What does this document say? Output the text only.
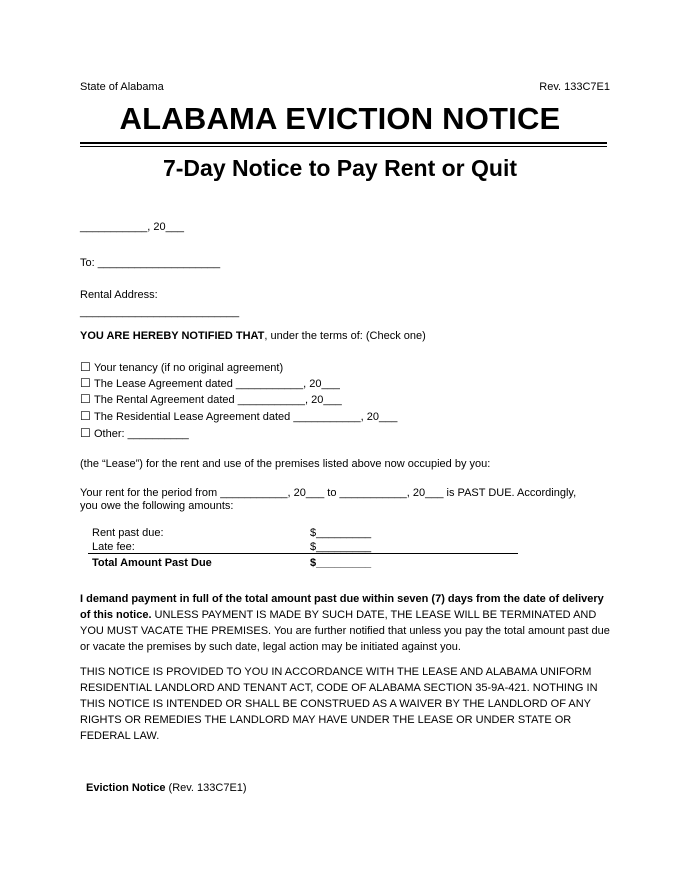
State of Alabama	Rev. 133C7E1
ALABAMA EVICTION NOTICE
7-Day Notice to Pay Rent or Quit
___________, 20___
To: ____________________
Rental Address:
__________________________
YOU ARE HEREBY NOTIFIED THAT, under the terms of: (Check one)
☐ Your tenancy (if no original agreement)
☐ The Lease Agreement dated ___________, 20___
☐ The Rental Agreement dated ___________, 20___
☐ The Residential Lease Agreement dated ___________, 20___
☐ Other: __________
(the “Lease”) for the rent and use of the premises listed above now occupied by you:
Your rent for the period from ___________, 20___ to ___________, 20___ is PAST DUE. Accordingly,
you owe the following amounts:
Rent past due:	$_________
Late fee:	$_________
Total Amount Past Due	$_________
I demand payment in full of the total amount past due within seven (7) days from the date of delivery of this notice. UNLESS PAYMENT IS MADE BY SUCH DATE, THE LEASE WILL BE TERMINATED AND YOU MUST VACATE THE PREMISES. You are further notified that unless you pay the total amount past due or vacate the premises by such date, legal action may be initiated against you.
THIS NOTICE IS PROVIDED TO YOU IN ACCORDANCE WITH THE LEASE AND ALABAMA UNIFORM RESIDENTIAL LANDLORD AND TENANT ACT, CODE OF ALABAMA SECTION 35-9A-421. NOTHING IN THIS NOTICE IS INTENDED OR SHALL BE CONSTRUED AS A WAIVER BY THE LANDLORD OF ANY RIGHTS OR REMEDIES THE LANDLORD MAY HAVE UNDER THE LEASE OR UNDER STATE OR FEDERAL LAW.
Eviction Notice (Rev. 133C7E1)
